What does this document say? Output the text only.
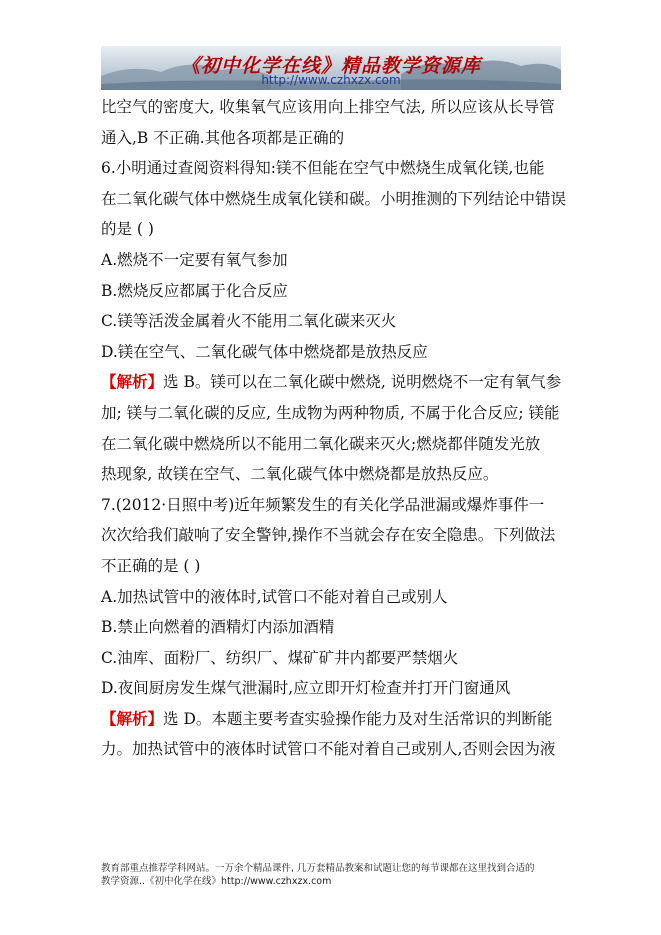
《初中化学在线》精品教学资源库
http://www.czhxzx.com
比空气的密度大, 收集氧气应该用向上排空气法, 所以应该从长导管
通入,B 不正确.其他各项都是正确的
6.小明通过查阅资料得知:镁不但能在空气中燃烧生成氧化镁,也能
在二氧化碳气体中燃烧生成氧化镁和碳。小明推测的下列结论中错误
的是 ( )
A.燃烧不一定要有氧气参加
B.燃烧反应都属于化合反应
C.镁等活泼金属着火不能用二氧化碳来灭火
D.镁在空气、二氧化碳气体中燃烧都是放热反应
【解析】选 B。镁可以在二氧化碳中燃烧, 说明燃烧不一定有氧气参
加; 镁与二氧化碳的反应, 生成物为两种物质, 不属于化合反应; 镁能
在二氧化碳中燃烧所以不能用二氧化碳来灭火;燃烧都伴随发光放
热现象, 故镁在空气、二氧化碳气体中燃烧都是放热反应。
7.(2012·日照中考)近年频繁发生的有关化学品泄漏或爆炸事件一
次次给我们敲响了安全警钟,操作不当就会存在安全隐患。下列做法
不正确的是 ( )
A.加热试管中的液体时,试管口不能对着自己或别人
B.禁止向燃着的酒精灯内添加酒精
C.油库、面粉厂、纺织厂、煤矿矿井内都要严禁烟火
D.夜间厨房发生煤气泄漏时,应立即开灯检查并打开门窗通风
【解析】选 D。本题主要考查实验操作能力及对生活常识的判断能
力。加热试管中的液体时试管口不能对着自己或别人,否则会因为液
教育部重点推荐学科网站。一万余个精品课件, 几万套精品教案和试题让您的每节课都在这里找到合适的
教学资源..《初中化学在线》http://www.czhxzx.com
